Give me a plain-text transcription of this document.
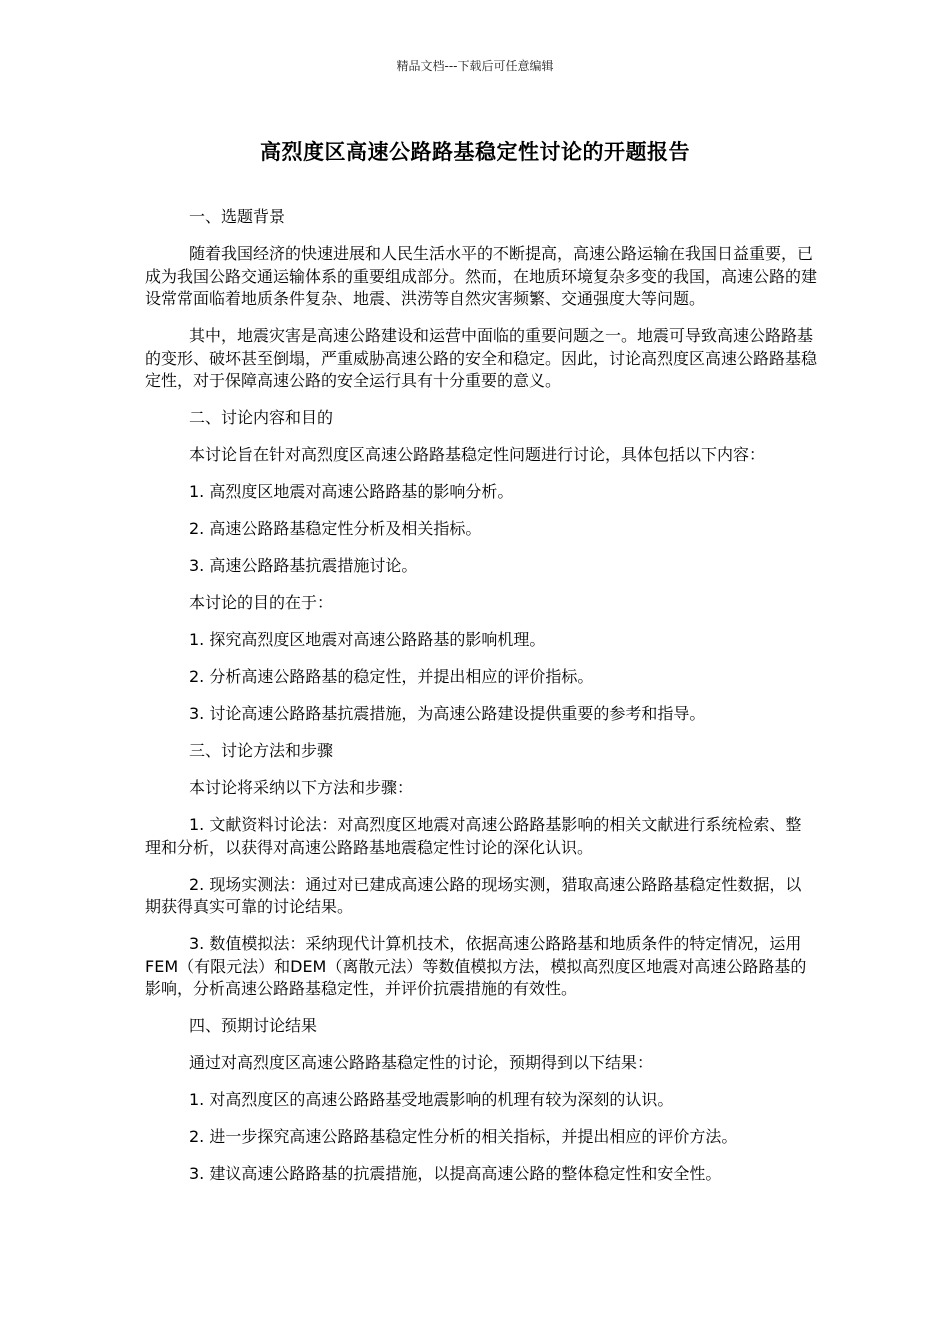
精品文档---下载后可任意编辑
高烈度区高速公路路基稳定性讨论的开题报告

一、选题背景

随着我国经济的快速进展和人民生活水平的不断提高，高速公路运输在我国日益重要，已成为我国公路交通运输体系的重要组成部分。然而，在地质环境复杂多变的我国，高速公路的建设常常面临着地质条件复杂、地震、洪涝等自然灾害频繁、交通强度大等问题。

其中，地震灾害是高速公路建设和运营中面临的重要问题之一。地震可导致高速公路路基的变形、破坏甚至倒塌，严重威胁高速公路的安全和稳定。因此，讨论高烈度区高速公路路基稳定性，对于保障高速公路的安全运行具有十分重要的意义。

二、讨论内容和目的

本讨论旨在针对高烈度区高速公路路基稳定性问题进行讨论，具体包括以下内容：

1. 高烈度区地震对高速公路路基的影响分析。

2. 高速公路路基稳定性分析及相关指标。

3. 高速公路路基抗震措施讨论。

本讨论的目的在于：

1. 探究高烈度区地震对高速公路路基的影响机理。

2. 分析高速公路路基的稳定性，并提出相应的评价指标。

3. 讨论高速公路路基抗震措施，为高速公路建设提供重要的参考和指导。

三、讨论方法和步骤

本讨论将采纳以下方法和步骤：

1. 文献资料讨论法：对高烈度区地震对高速公路路基影响的相关文献进行系统检索、整理和分析，以获得对高速公路路基地震稳定性讨论的深化认识。

2. 现场实测法：通过对已建成高速公路的现场实测，猎取高速公路路基稳定性数据，以期获得真实可靠的讨论结果。

3. 数值模拟法：采纳现代计算机技术，依据高速公路路基和地质条件的特定情况，运用FEM（有限元法）和DEM（离散元法）等数值模拟方法，模拟高烈度区地震对高速公路路基的影响，分析高速公路路基稳定性，并评价抗震措施的有效性。

四、预期讨论结果

通过对高烈度区高速公路路基稳定性的讨论，预期得到以下结果：

1. 对高烈度区的高速公路路基受地震影响的机理有较为深刻的认识。

2. 进一步探究高速公路路基稳定性分析的相关指标，并提出相应的评价方法。

3. 建议高速公路路基的抗震措施，以提高高速公路的整体稳定性和安全性。
